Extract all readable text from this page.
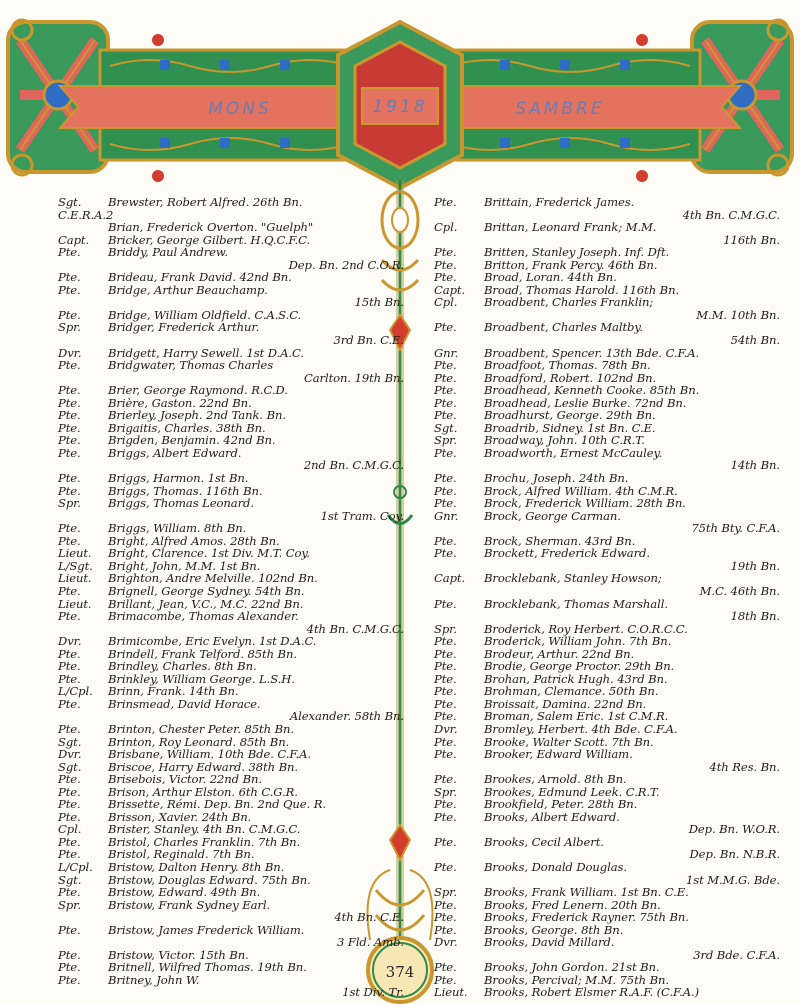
MONS	1918	SAMBRE
Sgt. Brewster, Robert Alfred. 26th Bn.
C.E.R.A.2
Brian, Frederick Overton. "Guelph"
Capt. Bricker, George Gilbert. H.Q.C.F.C.
Pte. Briddy, Paul Andrew.
Dep. Bn. 2nd C.O.R.
Pte. Brideau, Frank David. 42nd Bn.
Pte. Bridge, Arthur Beauchamp.
15th Bn.
Pte. Bridge, William Oldfield. C.A.S.C.
Spr. Bridger, Frederick Arthur.
3rd Bn. C.E.
Dvr. Bridgett, Harry Sewell. 1st D.A.C.
Pte. Bridgwater, Thomas Charles
Carlton. 19th Bn.
Pte. Brier, George Raymond. R.C.D.
Pte. Brière, Gaston. 22nd Bn.
Pte. Brierley, Joseph. 2nd Tank. Bn.
Pte. Brigaitis, Charles. 38th Bn.
Pte. Brigden, Benjamin. 42nd Bn.
Pte. Briggs, Albert Edward.
2nd Bn. C.M.G.C.
Pte. Briggs, Harmon. 1st Bn.
Pte. Briggs, Thomas. 116th Bn.
Spr. Briggs, Thomas Leonard.
1st Tram. Coy.
Pte. Briggs, William. 8th Bn.
Pte. Bright, Alfred Amos. 28th Bn.
Lieut. Bright, Clarence. 1st Div. M.T. Coy.
L/Sgt. Bright, John, M.M. 1st Bn.
Lieut. Brighton, Andre Melville. 102nd Bn.
Pte. Brignell, George Sydney. 54th Bn.
Lieut. Brillant, Jean, V.C., M.C. 22nd Bn.
Pte. Brimacombe, Thomas Alexander.
4th Bn. C.M.G.C.
Dvr. Brimicombe, Eric Evelyn. 1st D.A.C.
Pte. Brindell, Frank Telford. 85th Bn.
Pte. Brindley, Charles. 8th Bn.
Pte. Brinkley, William George. L.S.H.
L/Cpl. Brinn, Frank. 14th Bn.
Pte. Brinsmead, David Horace.
Alexander. 58th Bn.
Pte. Brinton, Chester Peter. 85th Bn.
Sgt. Brinton, Roy Leonard. 85th Bn.
Dvr. Brisbane, William. 10th Bde. C.F.A.
Sgt. Briscoe, Harry Edward. 38th Bn.
Pte. Brisebois, Victor. 22nd Bn.
Pte. Brison, Arthur Elston. 6th C.G.R.
Pte. Brissette, Rémi. Dep. Bn. 2nd Que. R.
Pte. Brisson, Xavier. 24th Bn.
Cpl. Brister, Stanley. 4th Bn. C.M.G.C.
Pte. Bristol, Charles Franklin. 7th Bn.
Pte. Bristol, Reginald. 7th Bn.
L/Cpl. Bristow, Dalton Henry. 8th Bn.
Sgt. Bristow, Douglas Edward. 75th Bn.
Pte. Bristow, Edward. 49th Bn.
Spr. Bristow, Frank Sydney Earl.
4th Bn. C.E.
Pte. Bristow, James Frederick William.
3 Fld. Amb.
Pte. Bristow, Victor. 15th Bn.
Pte. Britnell, Wilfred Thomas. 19th Bn.
Pte. Britney, John W.
1st Div. Tr.
Pte. Brittain, Frederick James.
4th Bn. C.M.G.C.
Cpl. Brittan, Leonard Frank; M.M.
116th Bn.
Pte. Britten, Stanley Joseph. Inf. Dft.
Pte. Britton, Frank Percy. 46th Bn.
Pte. Broad, Loran. 44th Bn.
Capt. Broad, Thomas Harold. 116th Bn.
Cpl. Broadbent, Charles Franklin;
M.M. 10th Bn.
Pte. Broadbent, Charles Maltby.
54th Bn.
Gnr. Broadbent, Spencer. 13th Bde. C.F.A.
Pte. Broadfoot, Thomas. 78th Bn.
Pte. Broadford, Robert. 102nd Bn.
Pte. Broadhead, Kenneth Cooke. 85th Bn.
Pte. Broadhead, Leslie Burke. 72nd Bn.
Pte. Broadhurst, George. 29th Bn.
Sgt. Broadrib, Sidney. 1st Bn. C.E.
Spr. Broadway, John. 10th C.R.T.
Pte. Broadworth, Ernest McCauley.
14th Bn.
Pte. Brochu, Joseph. 24th Bn.
Pte. Brock, Alfred William. 4th C.M.R.
Pte. Brock, Frederick William. 28th Bn.
Gnr. Brock, George Carman.
75th Bty. C.F.A.
Pte. Brock, Sherman. 43rd Bn.
Pte. Brockett, Frederick Edward.
19th Bn.
Capt. Brocklebank, Stanley Howson;
M.C. 46th Bn.
Pte. Brocklebank, Thomas Marshall.
18th Bn.
Spr. Broderick, Roy Herbert. C.O.R.C.C.
Pte. Broderick, William John. 7th Bn.
Pte. Brodeur, Arthur. 22nd Bn.
Pte. Brodie, George Proctor. 29th Bn.
Pte. Brohan, Patrick Hugh. 43rd Bn.
Pte. Brohman, Clemance. 50th Bn.
Pte. Broissait, Damina. 22nd Bn.
Pte. Broman, Salem Eric. 1st C.M.R.
Dvr. Bromley, Herbert. 4th Bde. C.F.A.
Pte. Brooke, Walter Scott. 7th Bn.
Pte. Brooker, Edward William.
4th Res. Bn.
Pte. Brookes, Arnold. 8th Bn.
Spr. Brookes, Edmund Leek. C.R.T.
Pte. Brookfield, Peter. 28th Bn.
Pte. Brooks, Albert Edward.
Dep. Bn. W.O.R.
Pte. Brooks, Cecil Albert.
Dep. Bn. N.B.R.
Pte. Brooks, Donald Douglas.
1st M.M.G. Bde.
Spr. Brooks, Frank William. 1st Bn. C.E.
Pte. Brooks, Fred Lenern. 20th Bn.
Pte. Brooks, Frederick Rayner. 75th Bn.
Pte. Brooks, George. 8th Bn.
Dvr. Brooks, David Millard.
3rd Bde. C.F.A.
Pte. Brooks, John Gordon. 21st Bn.
Pte. Brooks, Percival; M.M. 75th Bn.
Lieut. Brooks, Robert Elsmer R.A.F. (C.F.A.)
374
